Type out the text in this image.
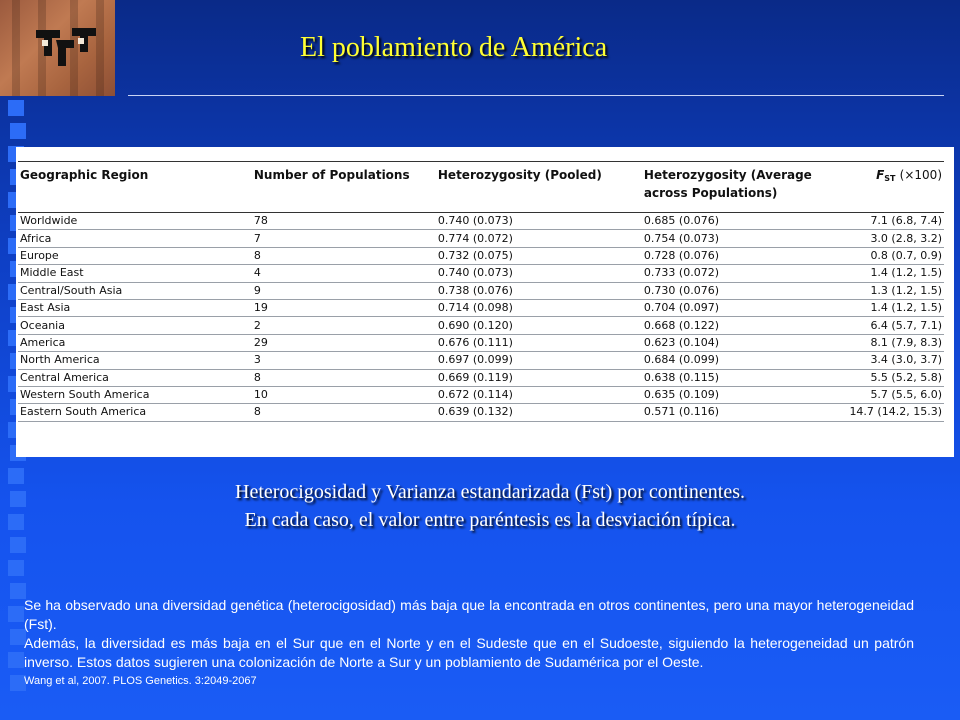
El poblamiento de América
Geographic Region	Number of Populations	Heterozygosity (Pooled)	Heterozygosity (Average across Populations)	FST (×100)
Worldwide	78	0.740 (0.073)	0.685 (0.076)	7.1 (6.8, 7.4)
Africa	7	0.774 (0.072)	0.754 (0.073)	3.0 (2.8, 3.2)
Europe	8	0.732 (0.075)	0.728 (0.076)	0.8 (0.7, 0.9)
Middle East	4	0.740 (0.073)	0.733 (0.072)	1.4 (1.2, 1.5)
Central/South Asia	9	0.738 (0.076)	0.730 (0.076)	1.3 (1.2, 1.5)
East Asia	19	0.714 (0.098)	0.704 (0.097)	1.4 (1.2, 1.5)
Oceania	2	0.690 (0.120)	0.668 (0.122)	6.4 (5.7, 7.1)
America	29	0.676 (0.111)	0.623 (0.104)	8.1 (7.9, 8.3)
North America	3	0.697 (0.099)	0.684 (0.099)	3.4 (3.0, 3.7)
Central America	8	0.669 (0.119)	0.638 (0.115)	5.5 (5.2, 5.8)
Western South America	10	0.672 (0.114)	0.635 (0.109)	5.7 (5.5, 6.0)
Eastern South America	8	0.639 (0.132)	0.571 (0.116)	14.7 (14.2, 15.3)
Heterocigosidad y Varianza estandarizada (Fst) por continentes.
En cada caso, el valor entre paréntesis es la desviación típica.

Se ha observado una diversidad genética (heterocigosidad) más baja que la encontrada en otros continentes, pero una mayor heterogeneidad (Fst).

Además, la diversidad es más baja en el Sur que en el Norte y en el Sudeste que en el Sudoeste, siguiendo la heterogeneidad un patrón inverso. Estos datos sugieren una colonización de Norte a Sur y un poblamiento de Sudamérica por el Oeste.

Wang et al, 2007. PLOS Genetics. 3:2049-2067
